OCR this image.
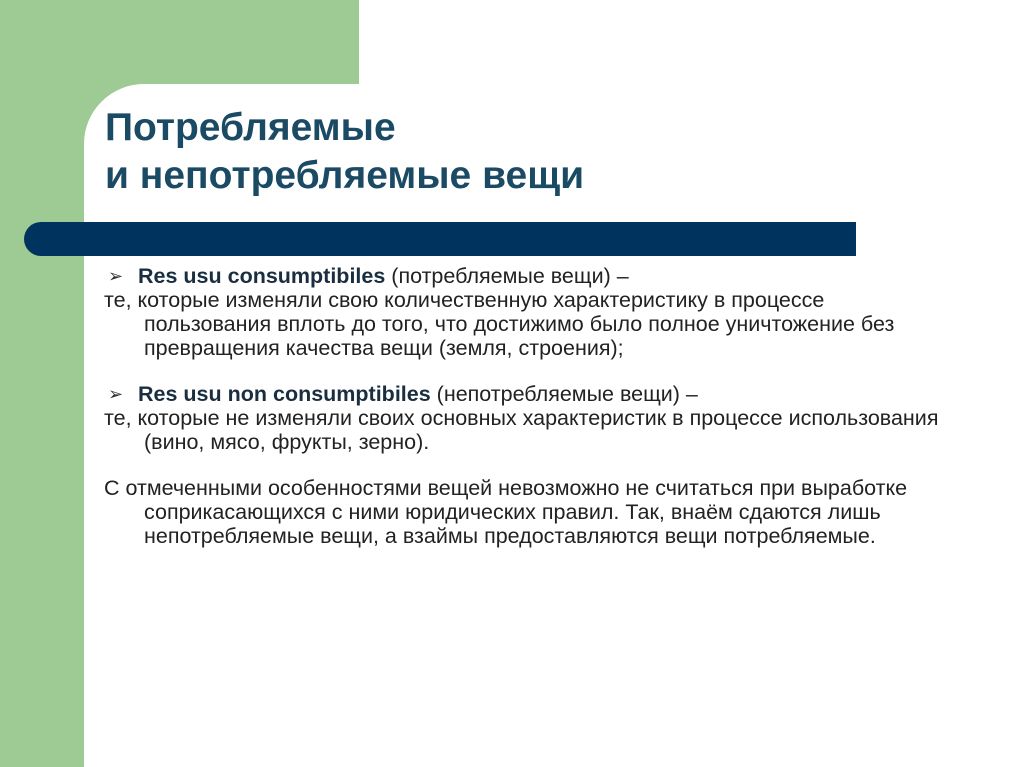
Потребляемые
и непотребляемые вещи
➢ Res usu consumptibiles (потребляемые вещи) –
те, которые изменяли свою количественную характеристику в процессе пользования вплоть до того, что достижимо было полное уничтожение без превращения качества вещи (земля, строения);
➢ Res usu non consumptibiles (непотребляемые вещи) –
те, которые не изменяли своих основных характеристик в процессе использования (вино, мясо, фрукты, зерно).
С отмеченными особенностями вещей невозможно не считаться при выработке соприкасающихся с ними юридических правил. Так, внаём сдаются лишь непотребляемые вещи, а взаймы предоставляются вещи потребляемые.
